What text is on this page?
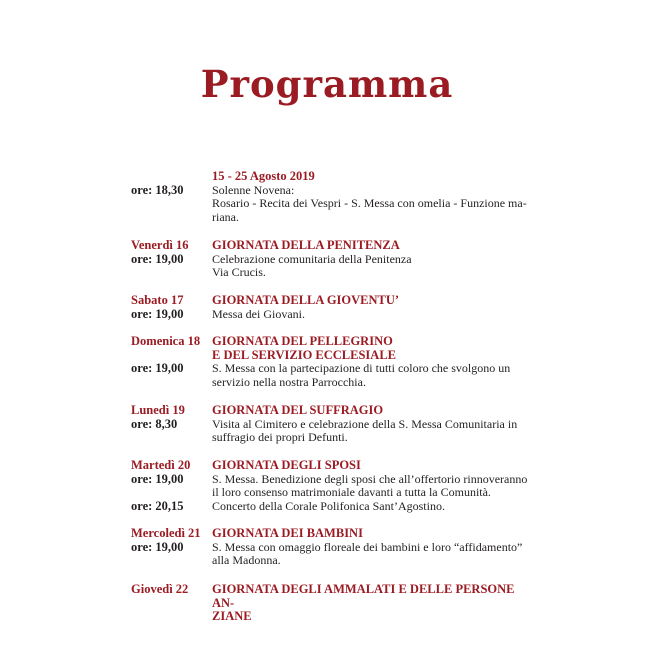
Programma
ore: 18,30
15 - 25 Agosto 2019
Solenne Novena:
Rosario - Recita dei Vespri - S. Messa con omelia - Funzione ma-
riana.
Venerdì 16
ore: 19,00
GIORNATA DELLA PENITENZA
Celebrazione comunitaria della Penitenza
Via Crucis.
Sabato 17
ore: 19,00
GIORNATA DELLA GIOVENTU’
Messa dei Giovani.
Domenica 18
ore: 19,00
GIORNATA DEL PELLEGRINO
E DEL SERVIZIO ECCLESIALE
S. Messa con la partecipazione di tutti coloro che svolgono un
servizio nella nostra Parrocchia.
Lunedì 19
ore: 8,30
GIORNATA DEL SUFFRAGIO
Visita al Cimitero e celebrazione della S. Messa Comunitaria in
suffragio dei propri Defunti.
Martedì 20
ore: 19,00
ore: 20,15
GIORNATA DEGLI SPOSI
S. Messa. Benedizione degli sposi che all’offertorio rinnoveranno
il loro consenso matrimoniale davanti a tutta la Comunità.
Concerto della Corale Polifonica Sant’Agostino.
Mercoledì 21
ore: 19,00
GIORNATA DEI BAMBINI
S. Messa con omaggio floreale dei bambini e loro “affidamento”
alla Madonna.
Giovedì 22	GIORNATA DEGLI AMMALATI E DELLE PERSONE AN-
ZIANE
